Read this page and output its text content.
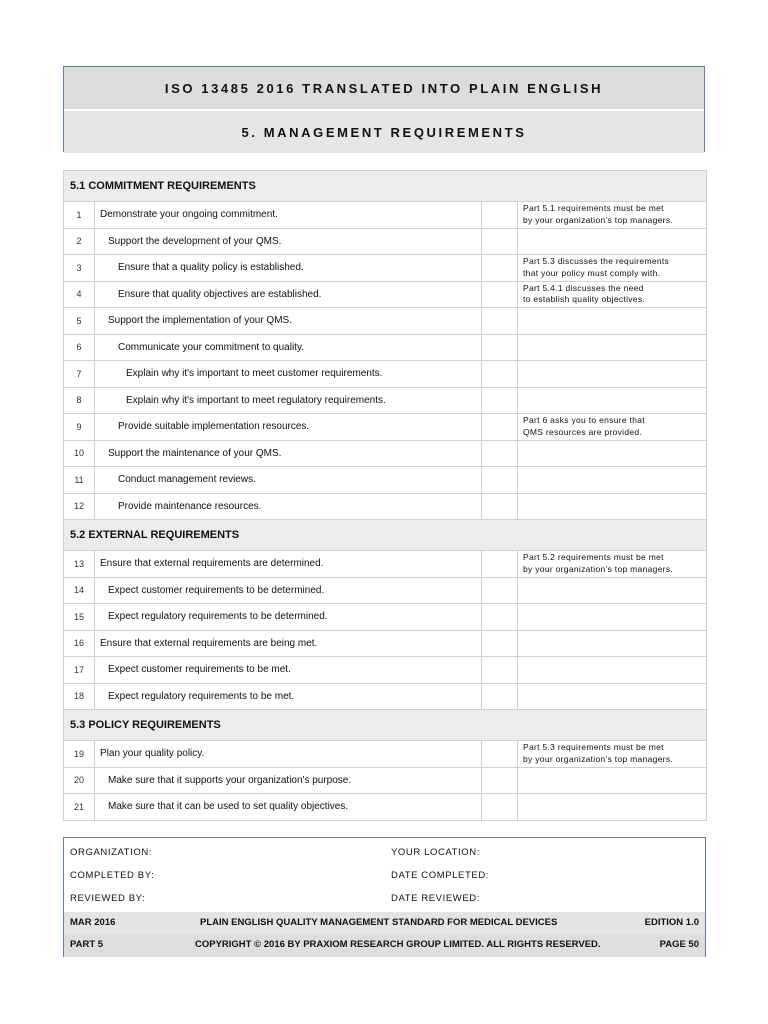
ISO 13485 2016 TRANSLATED INTO PLAIN ENGLISH
5. MANAGEMENT REQUIREMENTS
5.1 COMMITMENT REQUIREMENTS			
1	Demonstrate your ongoing commitment.		Part 5.1 requirements must be met
by your organization’s top managers.

2	Support the development of your QMS.		
3	Ensure that a quality policy is established.		Part 5.3 discusses the requirements
that your policy must comply with.

4	Ensure that quality objectives are established.		Part 5.4.1 discusses the need
to establish quality objectives.

5	Support the implementation of your QMS.		
6	Communicate your commitment to quality.		
7	Explain why it's important to meet customer requirements.		
8	Explain why it's important to meet regulatory requirements.		
9	Provide suitable implementation resources.		Part 6 asks you to ensure that
QMS resources are provided.

10	Support the maintenance of your QMS.		
11	Conduct management reviews.		
12	Provide maintenance resources.		
5.2 EXTERNAL REQUIREMENTS			
13	Ensure that external requirements are determined.		Part 5.2 requirements must be met
by your organization’s top managers.

14	Expect customer requirements to be determined.		
15	Expect regulatory requirements to be determined.		
16	Ensure that external requirements are being met.		
17	Expect customer requirements to be met.		
18	Expect regulatory requirements to be met.		
5.3 POLICY REQUIREMENTS			
19	Plan your quality policy.		Part 5.3 requirements must be met
by your organization’s top managers.

20	Make sure that it supports your organization's purpose.		
21	Make sure that it can be used to set quality objectives.		
ORGANIZATION:	YOUR LOCATION:
COMPLETED BY:	DATE COMPLETED:
REVIEWED BY:	DATE REVIEWED:
MAR 2016	PLAIN ENGLISH QUALITY MANAGEMENT STANDARD FOR MEDICAL DEVICES	EDITION 1.0
PART 5	COPYRIGHT © 2016 BY PRAXIOM RESEARCH GROUP LIMITED. ALL RIGHTS RESERVED.	PAGE 50
